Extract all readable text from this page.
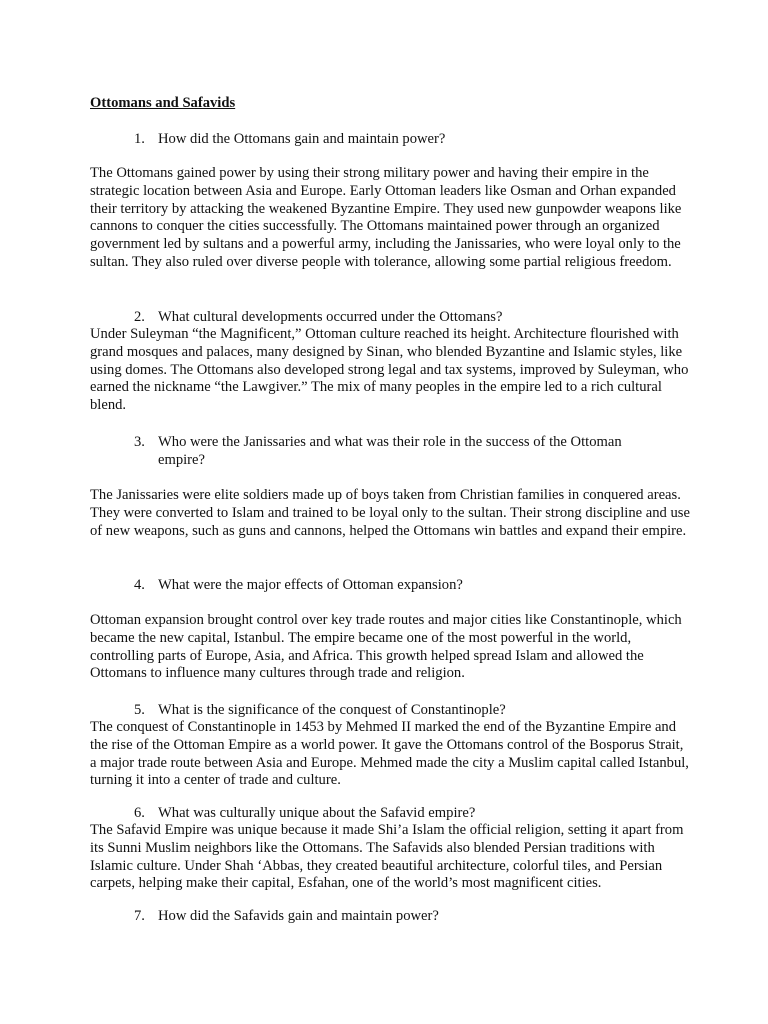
Ottomans and Safavids
1. How did the Ottomans gain and maintain power?
The Ottomans gained power by using their strong military power and having their empire in the strategic location between Asia and Europe. Early Ottoman leaders like Osman and Orhan expanded their territory by attacking the weakened Byzantine Empire. They used new gunpowder weapons like cannons to conquer the cities successfully. The Ottomans maintained power through an organized government led by sultans and a powerful army, including the Janissaries, who were loyal only to the sultan. They also ruled over diverse people with tolerance, allowing some partial religious freedom.
2. What cultural developments occurred under the Ottomans?
Under Suleyman “the Magnificent,” Ottoman culture reached its height. Architecture flourished with grand mosques and palaces, many designed by Sinan, who blended Byzantine and Islamic styles, like using domes. The Ottomans also developed strong legal and tax systems, improved by Suleyman, who earned the nickname “the Lawgiver.” The mix of many peoples in the empire led to a rich cultural blend.
3. Who were the Janissaries and what was their role in the success of the Ottoman empire?
The Janissaries were elite soldiers made up of boys taken from Christian families in conquered areas. They were converted to Islam and trained to be loyal only to the sultan. Their strong discipline and use of new weapons, such as guns and cannons, helped the Ottomans win battles and expand their empire.
4. What were the major effects of Ottoman expansion?
Ottoman expansion brought control over key trade routes and major cities like Constantinople, which became the new capital, Istanbul. The empire became one of the most powerful in the world, controlling parts of Europe, Asia, and Africa. This growth helped spread Islam and allowed the Ottomans to influence many cultures through trade and religion.
5. What is the significance of the conquest of Constantinople?
The conquest of Constantinople in 1453 by Mehmed II marked the end of the Byzantine Empire and the rise of the Ottoman Empire as a world power. It gave the Ottomans control of the Bosporus Strait, a major trade route between Asia and Europe. Mehmed made the city a Muslim capital called Istanbul, turning it into a center of trade and culture.
6. What was culturally unique about the Safavid empire?
The Safavid Empire was unique because it made Shi’a Islam the official religion, setting it apart from its Sunni Muslim neighbors like the Ottomans. The Safavids also blended Persian traditions with Islamic culture. Under Shah ‘Abbas, they created beautiful architecture, colorful tiles, and Persian carpets, helping make their capital, Esfahan, one of the world’s most magnificent cities.
7. How did the Safavids gain and maintain power?
